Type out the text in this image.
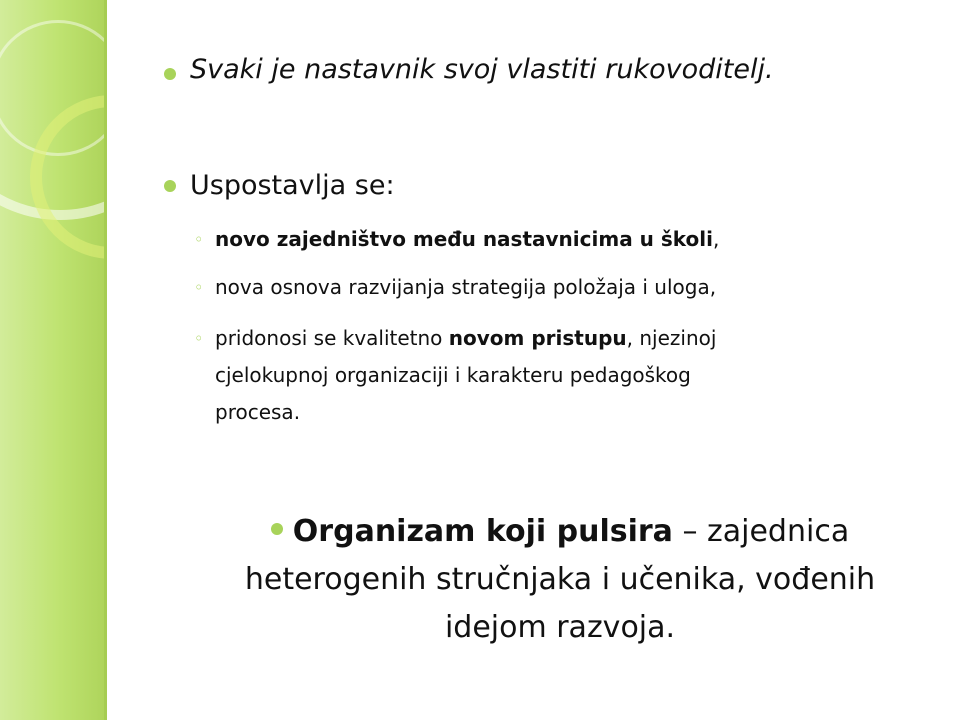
Svaki je nastavnik svoj vlastiti rukovoditelj.
Uspostavlja se:
◦ novo zajedništvo među nastavnicima u školi,
◦ nova osnova razvijanja strategija položaja i uloga,
◦ pridonosi se kvalitetno novom pristupu, njezinoj
cjelokupnoj organizaciji i karakteru pedagoškog
procesa.
Organizam koji pulsira – zajednica
heterogenih stručnjaka i učenika, vođenih
idejom razvoja.
